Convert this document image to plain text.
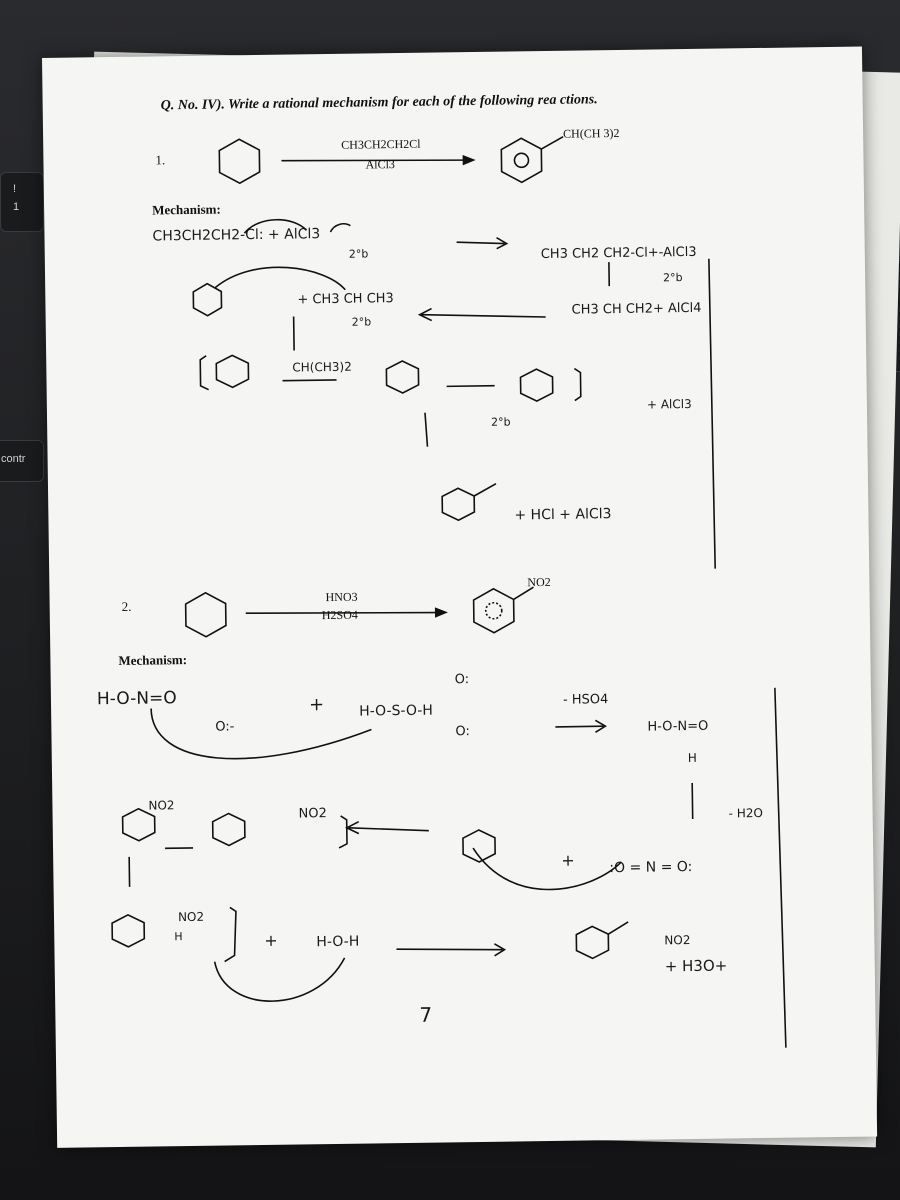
!
1
contr
Q. No. IV). Write a rational mechanism for each of the following rea ctions.
1.
CH3CH2CH2Cl
AlCl3
CH(CH 3)2
Mechanism:
CH3CH2CH2-Cl: + AlCl3
2°b	CH3 CH2 CH2-Cl+-AlCl3
2°b
CH3 CH CH2+ AlCl4
+ CH3 CH CH3
2°b
CH(CH3)2
2°b
+ AlCl3
+ HCl + AlCl3
2.
HNO3
H2SO4
NO2
Mechanism:
H-O-N=O
O:-
+ H-O-S-O-H
O:
O:
- HSO4
H-O-N=O
H
- H2O
:O = N = O:
+
NO2
NO2
NO2
H	+	H-O-H
7
NO2
+ H3O+
